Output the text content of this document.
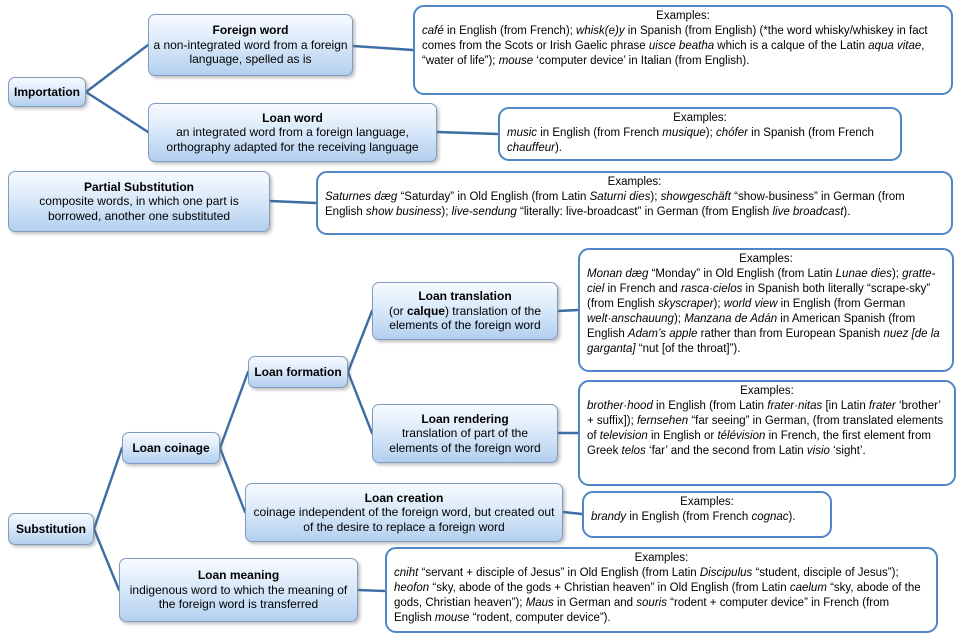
Importation
Foreign word
a non-integrated word from a foreign language, spelled as is
Loan word
an integrated word from a foreign language, orthography adapted for the receiving language
Partial Substitution
composite words, in which one part is borrowed, another one substituted
Loan translation
(or calque) translation of the elements of the foreign word
Loan formation
Loan rendering
translation of part of the elements of the foreign word
Loan coinage
Loan creation
coinage independent of the foreign word, but created out of the desire to replace a foreign word
Substitution
Loan meaning
indigenous word to which the meaning of the foreign word is transferred
Examples:
café in English (from French); whisk(e)y in Spanish (from English) (*the word whisky/whiskey in fact comes from the Scots or Irish Gaelic phrase uisce beatha which is a calque of the Latin aqua vitae, “water of life”); mouse ‘computer device’ in Italian (from English).
Examples:
music in English (from French musique); chófer in Spanish (from French chauffeur).
Examples:
Saturnes dæg “Saturday” in Old English (from Latin Saturni dies); showgeschäft “show-business” in German (from English show business); live-sendung “literally: live-broadcast” in German (from English live broadcast).
Examples:
Monan dæg “Monday” in Old English (from Latin Lunae dies); gratte-ciel in French and rasca·cielos in Spanish both literally “scrape-sky” (from English skyscraper); world view in English (from German welt·anschauung); Manzana de Adán in American Spanish (from English Adam’s apple rather than from European Spanish nuez [de la garganta] “nut [of the throat]”).
Examples:
brother·hood in English (from Latin frater·nitas [in Latin frater ‘brother’ + suffix]); fernsehen “far seeing” in German, (from translated elements of television in English or télévision in French, the first element from Greek telos ‘far’ and the second from Latin visio ‘sight’.
Examples:
brandy in English (from French cognac).
Examples:
cniht “servant + disciple of Jesus” in Old English (from Latin Discipulus “student, disciple of Jesus”); heofon “sky, abode of the gods + Christian heaven” in Old English (from Latin caelum “sky, abode of the gods, Christian heaven”); Maus in German and souris “rodent + computer device” in French (from English mouse “rodent, computer device”).
